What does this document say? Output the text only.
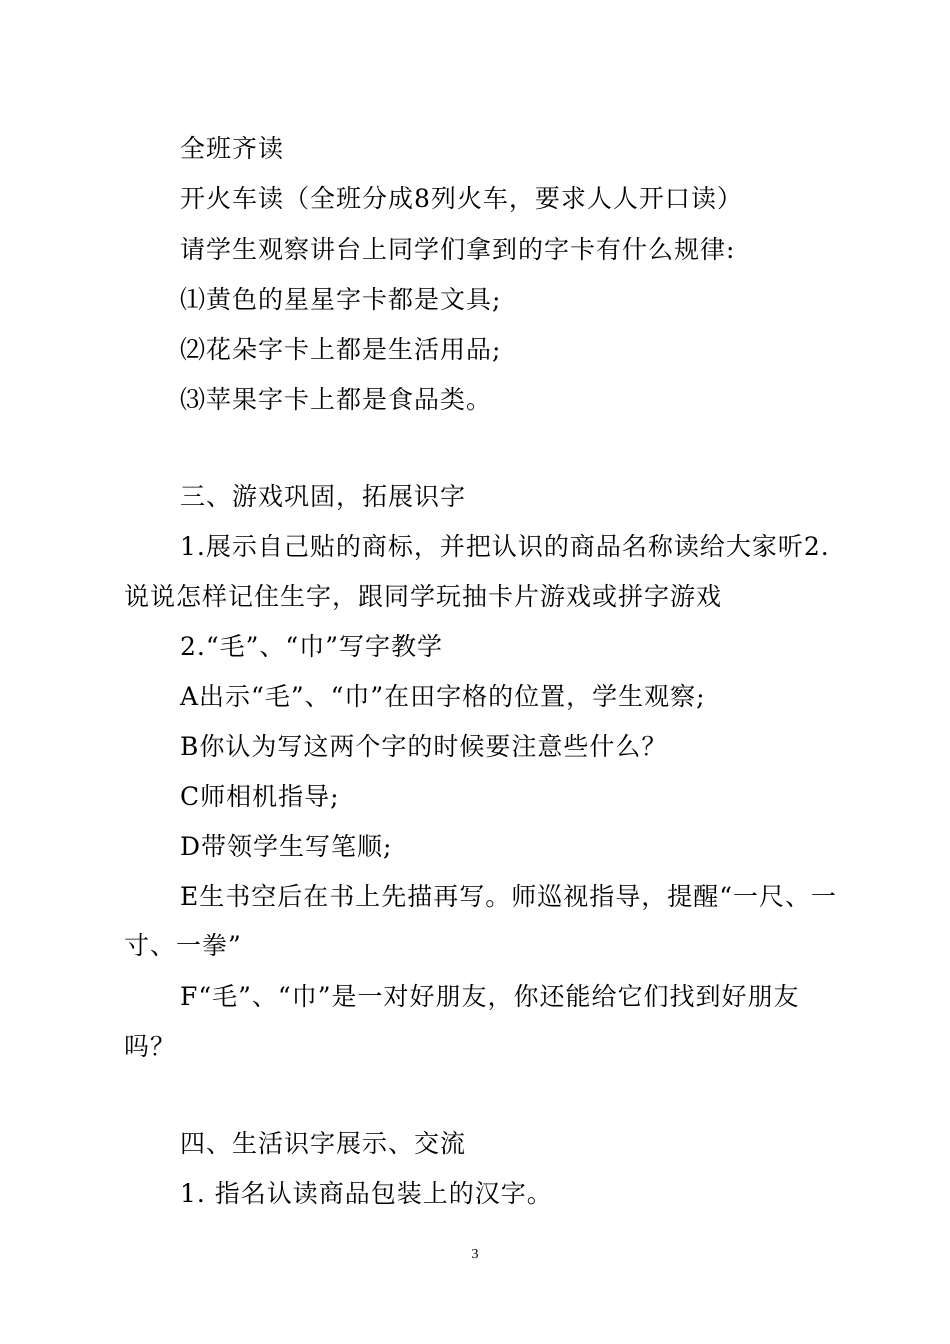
全班齐读
开火车读（全班分成8列火车，要求人人开口读）
请学生观察讲台上同学们拿到的字卡有什么规律:
⑴黄色的星星字卡都是文具;
⑵花朵字卡上都是生活用品;
⑶苹果字卡上都是食品类。
三、游戏巩固，拓展识字
1.展示自己贴的商标，并把认识的商品名称读给大家听2.
说说怎样记住生字，跟同学玩抽卡片游戏或拼字游戏
2.“毛”、“巾”写字教学
A出示“毛”、“巾”在田字格的位置，学生观察;
B你认为写这两个字的时候要注意些什么？
C师相机指导;
D带领学生写笔顺;
E生书空后在书上先描再写。师巡视指导，提醒“一尺、一
寸、一拳”
F“毛”、“巾”是一对好朋友，你还能给它们找到好朋友
吗？
四、生活识字展示、交流
1. 指名认读商品包装上的汉字。
3
